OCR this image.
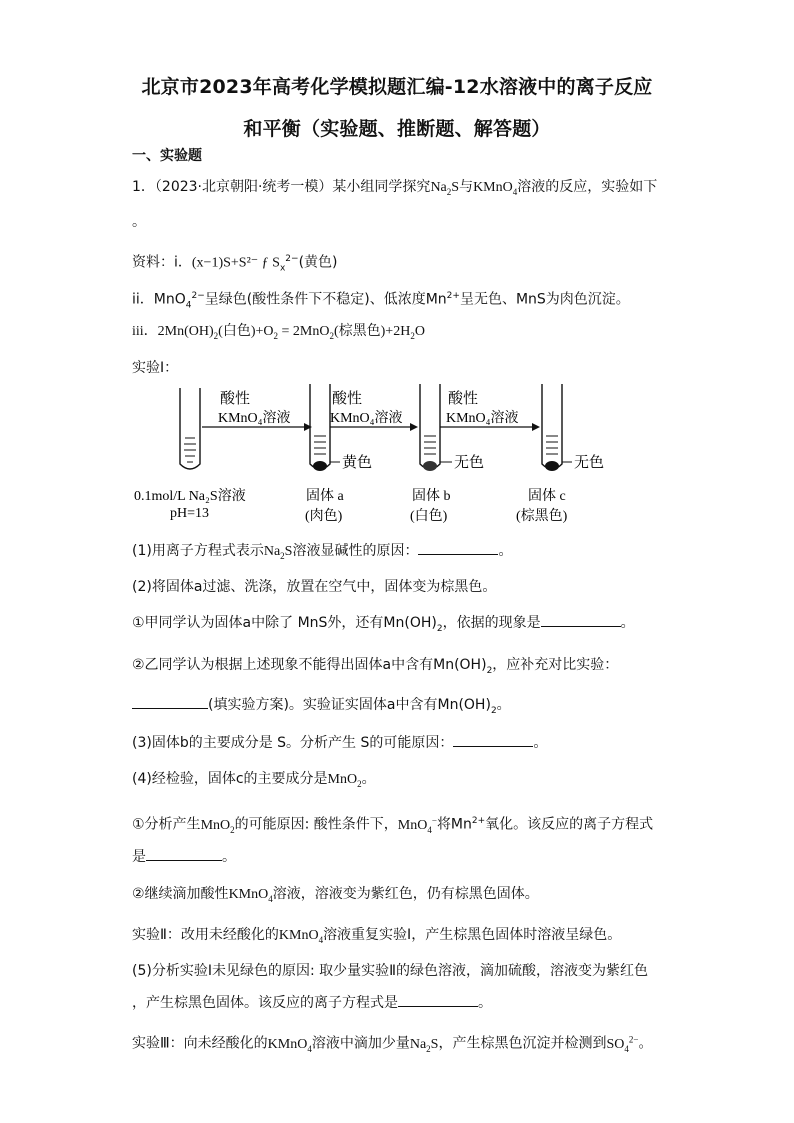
北京市2023年高考化学模拟题汇编-12水溶液中的离子反应
和平衡（实验题、推断题、解答题）
一、实验题
1．（2023·北京朝阳·统考一模）某小组同学探究$Na_2S$与KMnO$_4$溶液的反应，实验如下
。
资料：i．(x−1)S+S²⁻ ƒ $S_x^{2-}$(黄色)
ii．MnO$_4^{2-}$呈绿色(酸性条件下不稳定)、低浓度$Mn^{2+}$呈无色、MnS为肉色沉淀。
iii．$2Mn(OH)_2$(白色)$+O_2 = 2MnO_2$(棕黑色)$+2H_2O$
实验Ⅰ：
酸性
KMnO₄溶液
酸性
KMnO₄溶液
酸性
KMnO₄溶液
黄色	无色	无色
0.1mol/L Na₂S溶液
pH=13
固体 a
(肉色)
固体 b
(白色)
固体 c
(棕黑色)
(1)用离子方程式表示$Na_2S$溶液显碱性的原因：	。
(2)将固体a过滤、洗涤，放置在空气中，固体变为棕黑色。
①甲同学认为固体a中除了 MnS外，还有$Mn(OH)_2$，依据的现象是	。
②乙同学认为根据上述现象不能得出固体a中含有$Mn(OH)_2$，应补充对比实验：
(填实验方案)。实验证实固体a中含有$Mn(OH)_2$。
(3)固体b的主要成分是 S。分析产生 S的可能原因：	。
(4)经检验，固体c的主要成分是MnO$_2$。
①分析产生MnO$_2$的可能原因: 酸性条件下，MnO$_4$−将$Mn^{2+}$氧化。该反应的离子方程式
是	。
②继续滴加酸性KMnO$_4$溶液，溶液变为紫红色，仍有棕黑色固体。
实验Ⅱ：改用未经酸化的KMnO$_4$溶液重复实验Ⅰ，产生棕黑色固体时溶液呈绿色。
(5)分析实验Ⅰ未见绿色的原因: 取少量实验Ⅱ的绿色溶液，滴加硫酸，溶液变为紫红色
，产生棕黑色固体。该反应的离子方程式是	。
实验Ⅲ：向未经酸化的KMnO$_4$溶液中滴加少量$Na_2S$，产生棕黑色沉淀并检测到$SO_4^{2-}$。
